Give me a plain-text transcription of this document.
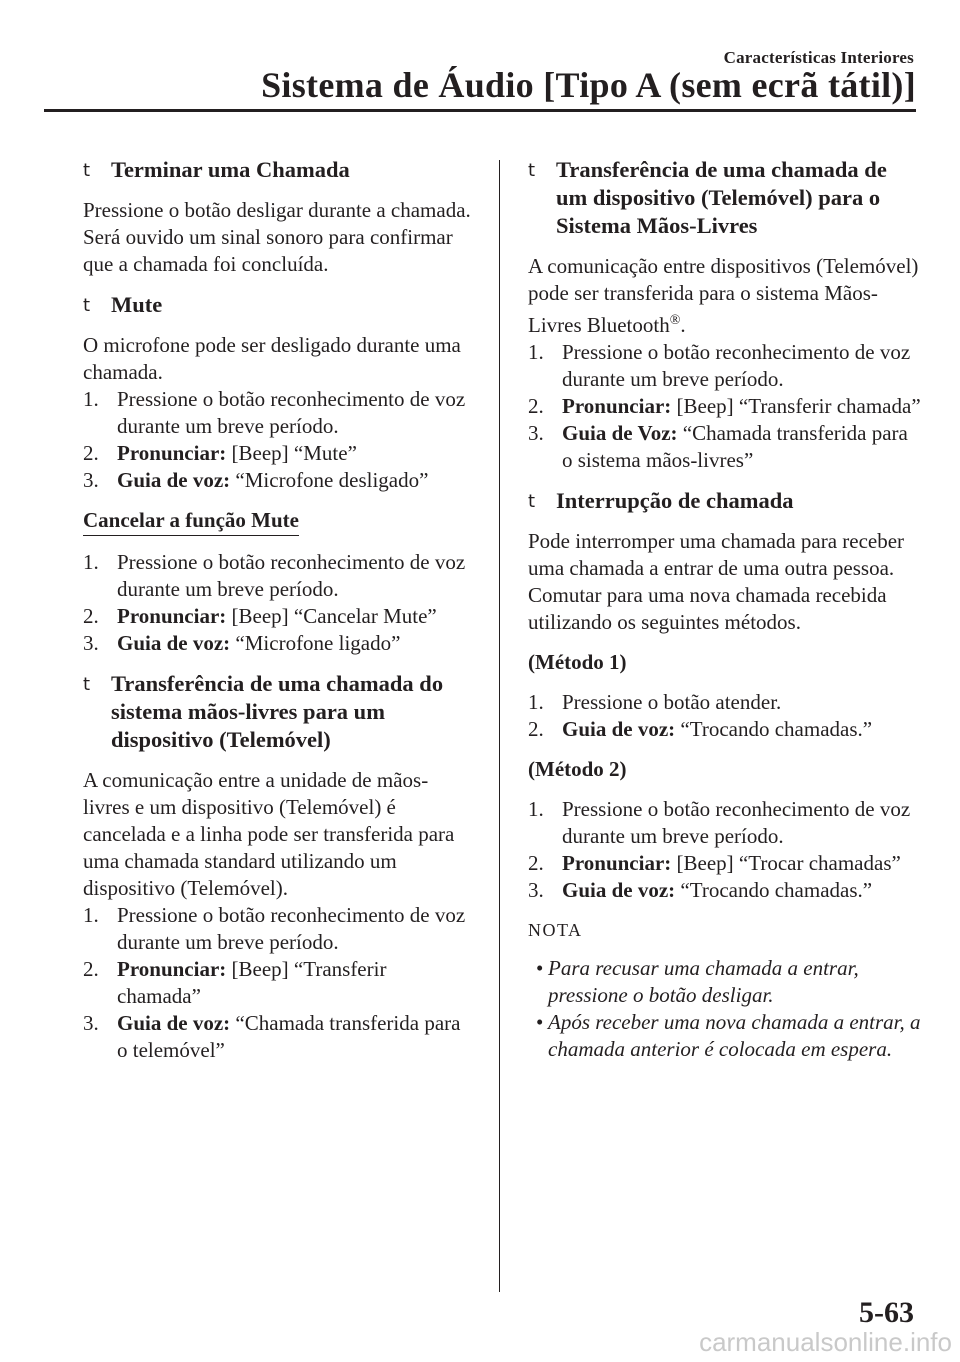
Características Interiores
Sistema de Áudio [Tipo A (sem ecrã tátil)]
t Terminar uma Chamada

Pressione o botão desligar durante a chamada. Será ouvido um sinal sonoro para confirmar que a chamada foi concluída.

t Mute

O microfone pode ser desligado durante uma chamada.

1. Pressione o botão reconhecimento de voz durante um breve período.
2. Pronunciar: [Beep] “Mute”
3. Guia de voz: “Microfone desligado”
Cancelar a função Mute
1. Pressione o botão reconhecimento de voz durante um breve período.
2. Pronunciar: [Beep] “Cancelar Mute”
3. Guia de voz: “Microfone ligado”
t Transferência de uma chamada do sistema mãos-livres para um dispositivo (Telemóvel)

A comunicação entre a unidade de mãos-livres e um dispositivo (Telemóvel) é cancelada e a linha pode ser transferida para uma chamada standard utilizando um dispositivo (Telemóvel).

1. Pressione o botão reconhecimento de voz durante um breve período.
2. Pronunciar: [Beep] “Transferir chamada”
3. Guia de voz: “Chamada transferida para o telemóvel”
t Transferência de uma chamada de um dispositivo (Telemóvel) para o Sistema Mãos-Livres

A comunicação entre dispositivos (Telemóvel) pode ser transferida para o sistema Mãos-Livres Bluetooth®.

1. Pressione o botão reconhecimento de voz durante um breve período.
2. Pronunciar: [Beep] “Transferir chamada”
3. Guia de Voz: “Chamada transferida para o sistema mãos-livres”
t Interrupção de chamada

Pode interromper uma chamada para receber uma chamada a entrar de uma outra pessoa.

Comutar para uma nova chamada recebida utilizando os seguintes métodos.

(Método 1)
1. Pressione o botão atender.
2. Guia de voz: “Trocando chamadas.”
(Método 2)
1. Pressione o botão reconhecimento de voz durante um breve período.
2. Pronunciar: [Beep] “Trocar chamadas”
3. Guia de voz: “Trocando chamadas.”
NOTA
• Para recusar uma chamada a entrar, pressione o botão desligar.
• Após receber uma nova chamada a entrar, a chamada anterior é colocada em espera.
5-63
carmanualsonline.info
